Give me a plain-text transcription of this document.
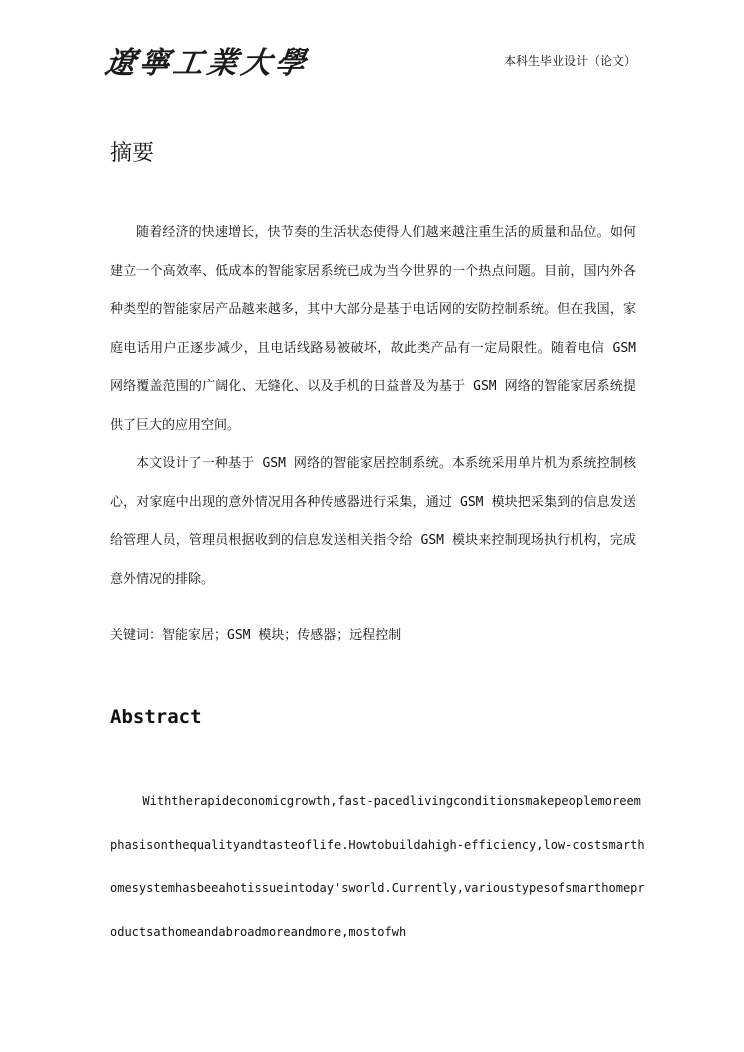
遼寧工業大學	本科生毕业设计（论文）
摘要

随着经济的快速增长，快节奏的生活状态使得人们越来越注重生活的质量和品位。如何建立一个高效率、低成本的智能家居系统已成为当今世界的一个热点问题。目前，国内外各种类型的智能家居产品越来越多，其中大部分是基于电话网的安防控制系统。但在我国，家庭电话用户正逐步减少，且电话线路易被破坏，故此类产品有一定局限性。随着电信 GSM 网络覆盖范围的广阔化、无缝化、以及手机的日益普及为基于 GSM 网络的智能家居系统提供了巨大的应用空间。

本文设计了一种基于 GSM 网络的智能家居控制系统。本系统采用单片机为系统控制核心，对家庭中出现的意外情况用各种传感器进行采集，通过 GSM 模块把采集到的信息发送给管理人员，管理员根据收到的信息发送相关指令给 GSM 模块来控制现场执行机构，完成意外情况的排除。

关键词：智能家居；GSM 模块；传感器；远程控制
Abstract

Withtherapideconomicgrowth,fast-pacedlivingconditionsmakepeoplemoreemphasisonthequalityandtasteoflife.Howtobuildahigh-efficiency,low-costsmarthomesystemhasbeeahotissueintoday'sworld.Currently,varioustypesofsmarthomeproductsathomeandabroadmoreandmore,mostofwh
